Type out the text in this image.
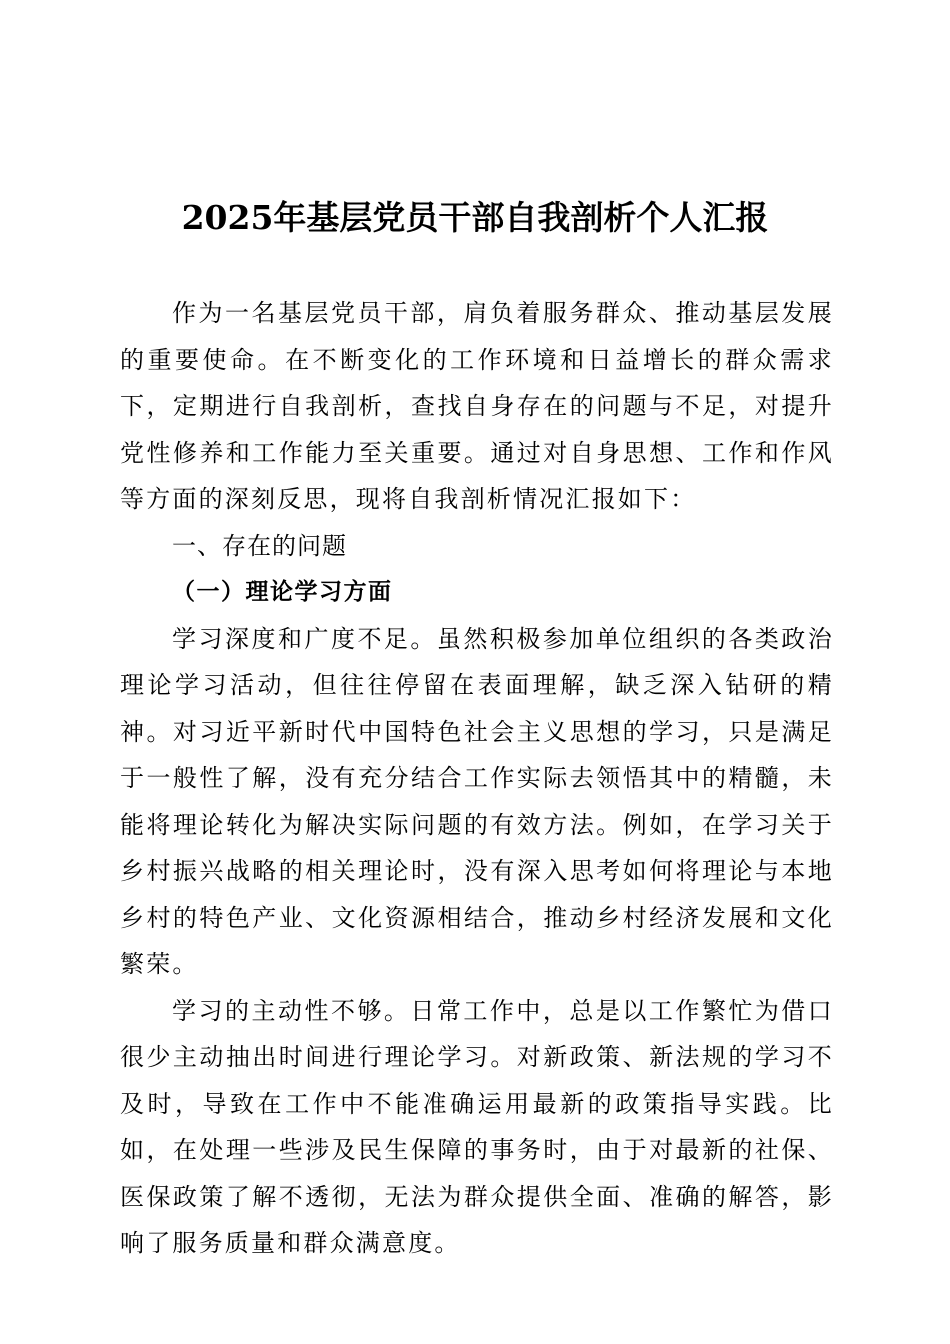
2025年基层党员干部自我剖析个人汇报

作为一名基层党员干部，肩负着服务群众、推动基层发展的重要使命。在不断变化的工作环境和日益增长的群众需求下，定期进行自我剖析，查找自身存在的问题与不足，对提升党性修养和工作能力至关重要。通过对自身思想、工作和作风等方面的深刻反思，现将自我剖析情况汇报如下：

一、存在的问题

（一）理论学习方面

学习深度和广度不足。虽然积极参加单位组织的各类政治理论学习活动，但往往停留在表面理解，缺乏深入钻研的精神。对习近平新时代中国特色社会主义思想的学习，只是满足于一般性了解，没有充分结合工作实际去领悟其中的精髓，未能将理论转化为解决实际问题的有效方法。例如，在学习关于乡村振兴战略的相关理论时，没有深入思考如何将理论与本地乡村的特色产业、文化资源相结合，推动乡村经济发展和文化繁荣。

学习的主动性不够。日常工作中，总是以工作繁忙为借口很少主动抽出时间进行理论学习。对新政策、新法规的学习不及时，导致在工作中不能准确运用最新的政策指导实践。比如，在处理一些涉及民生保障的事务时，由于对最新的社保、医保政策了解不透彻，无法为群众提供全面、准确的解答，影响了服务质量和群众满意度。
